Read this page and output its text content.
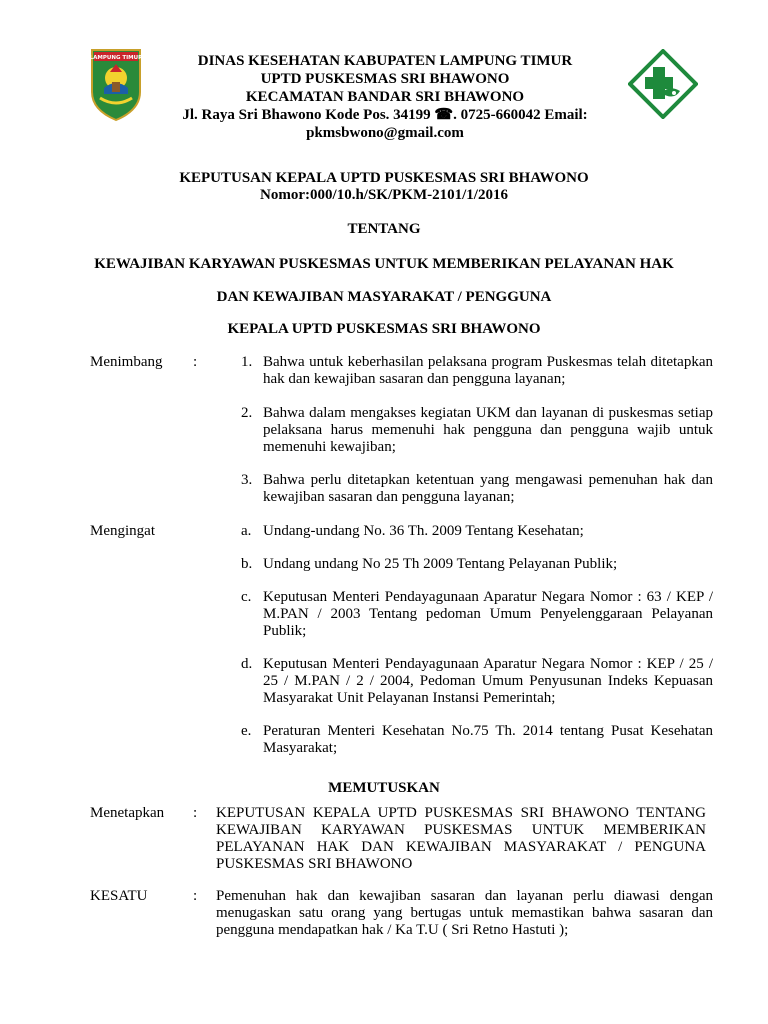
LAMPUNG TIMUR	DINAS KESEHATAN KABUPATEN LAMPUNG TIMUR
UPTD PUSKESMAS SRI BHAWONO
KECAMATAN BANDAR SRI BHAWONO
Jl. Raya Sri Bhawono Kode Pos. 34199 ☎. 0725-660042 Email:
pkmsbwono@gmail.com
KEPUTUSAN KEPALA UPTD PUSKESMAS SRI BHAWONO
Nomor:000/10.h/SK/PKM-2101/1/2016
TENTANG
KEWAJIBAN KARYAWAN PUSKESMAS UNTUK MEMBERIKAN PELAYANAN HAK
DAN KEWAJIBAN MASYARAKAT / PENGGUNA
KEPALA UPTD PUSKESMAS SRI BHAWONO
Menimbang :	1. Bahwa untuk keberhasilan pelaksana program Puskesmas telah ditetapkan hak dan kewajiban sasaran dan pengguna layanan;
2. Bahwa dalam mengakses kegiatan UKM dan layanan di puskesmas setiap pelaksana harus memenuhi hak pengguna dan pengguna wajib untuk memenuhi kewajiban;
3. Bahwa perlu ditetapkan ketentuan yang mengawasi pemenuhan hak dan kewajiban sasaran dan pengguna layanan;
Mengingat	a. Undang-undang No. 36 Th. 2009 Tentang Kesehatan;
b. Undang undang No 25 Th 2009 Tentang Pelayanan Publik;
c. Keputusan Menteri Pendayagunaan Aparatur Negara Nomor : 63 / KEP / M.PAN / 2003 Tentang pedoman Umum Penyelenggaraan Pelayanan Publik;
d. Keputusan Menteri Pendayagunaan Aparatur Negara Nomor : KEP / 25 / 25 / M.PAN / 2 / 2004, Pedoman Umum Penyusunan Indeks Kepuasan Masyarakat Unit Pelayanan Instansi Pemerintah;
e. Peraturan Menteri Kesehatan No.75 Th. 2014 tentang Pusat Kesehatan Masyarakat;
MEMUTUSKAN
Menetapkan : KEPUTUSAN KEPALA UPTD PUSKESMAS SRI BHAWONO TENTANG KEWAJIBAN KARYAWAN PUSKESMAS UNTUK MEMBERIKAN PELAYANAN HAK DAN KEWAJIBAN MASYARAKAT / PENGUNA PUSKESMAS SRI BHAWONO
KESATU	: Pemenuhan hak dan kewajiban sasaran dan layanan perlu diawasi dengan menugaskan satu orang yang bertugas untuk memastikan bahwa sasaran dan pengguna mendapatkan hak / Ka T.U ( Sri Retno Hastuti );
